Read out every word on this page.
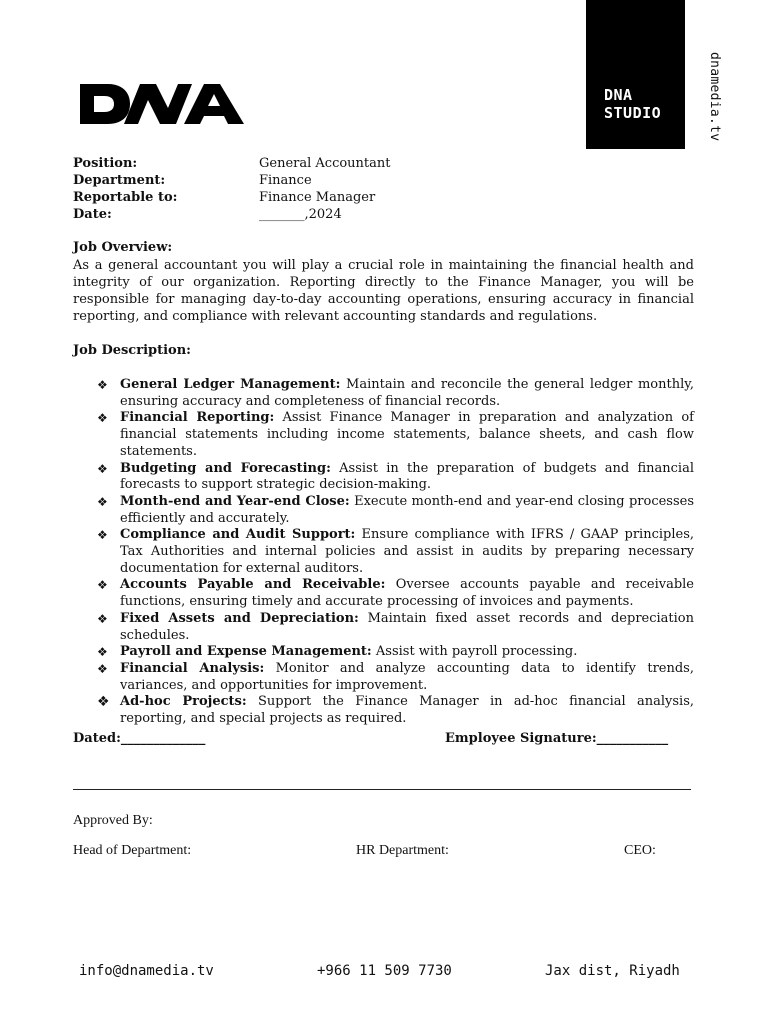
DNA
STUDIO	dnamedia.tv
Position:	General Accountant
Department:	Finance
Reportable to:	Finance Manager
Date:	_______,2024
Job Overview:

As a general accountant you will play a crucial role in maintaining the financial health and integrity of our organization. Reporting directly to the Finance Manager, you will be responsible for managing day-to-day accounting operations, ensuring accuracy in financial reporting, and compliance with relevant accounting standards and regulations.

Job Description:
❖ General Ledger Management: Maintain and reconcile the general ledger monthly, ensuring accuracy and completeness of financial records.
❖ Financial Reporting: Assist Finance Manager in preparation and analyzation of financial statements including income statements, balance sheets, and cash flow statements.
❖ Budgeting and Forecasting: Assist in the preparation of budgets and financial forecasts to support strategic decision-making.
❖ Month-end and Year-end Close: Execute month-end and year-end closing processes efficiently and accurately.
❖ Compliance and Audit Support: Ensure compliance with IFRS / GAAP principles, Tax Authorities and internal policies and assist in audits by preparing necessary documentation for external auditors.
❖ Accounts Payable and Receivable: Oversee accounts payable and receivable functions, ensuring timely and accurate processing of invoices and payments.
❖ Fixed Assets and Depreciation: Maintain fixed asset records and depreciation schedules.
❖ Payroll and Expense Management: Assist with payroll processing.
❖ Financial Analysis: Monitor and analyze accounting data to identify trends, variances, and opportunities for improvement.
❖ Ad-hoc Projects: Support the Finance Manager in ad-hoc financial analysis, reporting, and special projects as required.
Dated:_____________	Employee Signature:___________
Approved By:
Head of Department:	HR Department:	CEO:
info@dnamedia.tv	+966 11 509 7730	Jax dist, Riyadh
